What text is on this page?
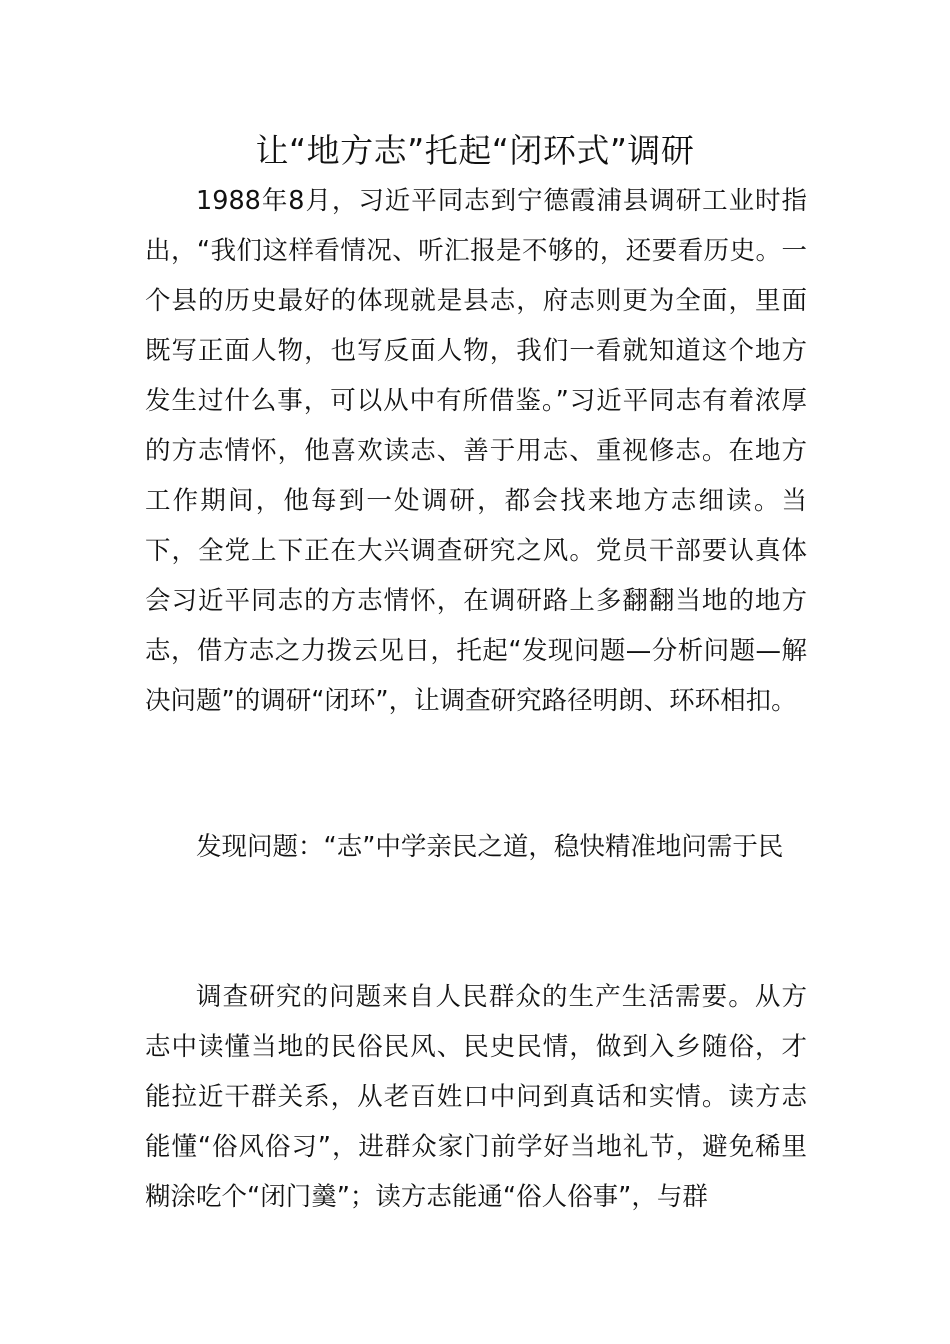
让“地方志”托起“闭环式”调研

1988年8月，习近平同志到宁德霞浦县调研工业时指出，“我们这样看情况、听汇报是不够的，还要看历史。一个县的历史最好的体现就是县志，府志则更为全面，里面既写正面人物，也写反面人物，我们一看就知道这个地方发生过什么事，可以从中有所借鉴。”习近平同志有着浓厚的方志情怀，他喜欢读志、善于用志、重视修志。在地方工作期间，他每到一处调研，都会找来地方志细读。当下，全党上下正在大兴调查研究之风。党员干部要认真体会习近平同志的方志情怀，在调研路上多翻翻当地的地方志，借方志之力拨云见日，托起“发现问题—分析问题—解决问题”的调研“闭环”，让调查研究路径明朗、环环相扣。

发现问题：“志”中学亲民之道，稳快精准地问需于民

调查研究的问题来自人民群众的生产生活需要。从方志中读懂当地的民俗民风、民史民情，做到入乡随俗，才能拉近干群关系，从老百姓口中问到真话和实情。读方志能懂“俗风俗习”，进群众家门前学好当地礼节，避免稀里糊涂吃个“闭门羹”；读方志能通“俗人俗事”，与群
